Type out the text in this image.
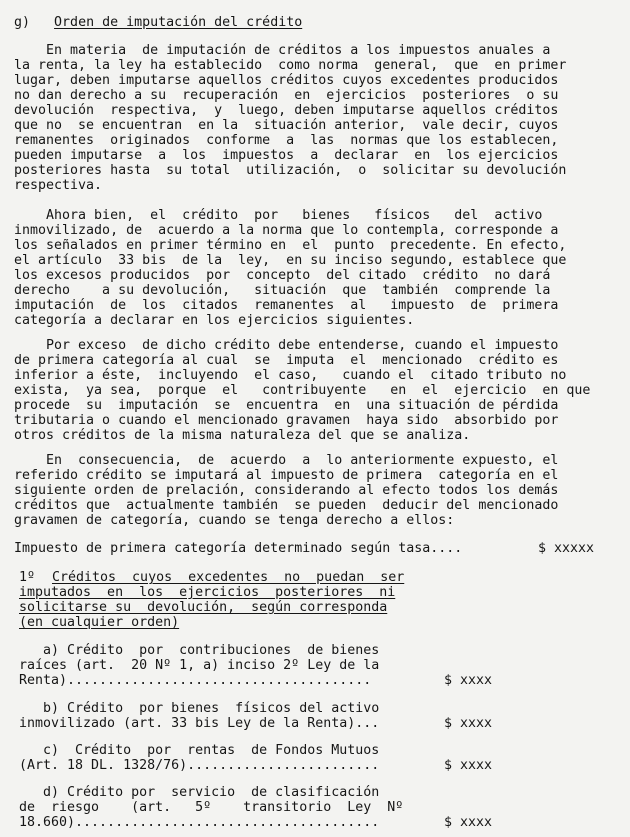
g) Orden de imputación del crédito
En materia  de imputación de créditos a los impuestos anuales a
la renta, la ley ha establecido  como norma  general,  que  en primer
lugar, deben imputarse aquellos créditos cuyos excedentes producidos
no dan derecho a su  recuperación  en  ejercicios  posteriores  o su
devolución  respectiva,  y  luego, deben imputarse aquellos créditos
que no  se encuentran  en la  situación anterior,  vale decir, cuyos
remanentes  originados  conforme  a  las  normas que los establecen,
pueden imputarse  a  los  impuestos  a  declarar  en  los ejercicios
posteriores hasta  su total  utilización,  o  solicitar su devolución
respectiva.
Ahora bien,  el  crédito  por   bienes   físicos   del  activo
inmovilizado, de  acuerdo a la norma que lo contempla, corresponde a
los señalados en primer término en  el  punto  precedente. En efecto,
el artículo  33 bis  de la  ley,  en su inciso segundo, establece que
los excesos producidos  por  concepto  del citado  crédito  no dará
derecho    a su devolución,   situación  que  también  comprende la
imputación  de  los  citados  remanentes  al   impuesto  de  primera
categoría a declarar en los ejercicios siguientes.
Por exceso  de dicho crédito debe entenderse, cuando el impuesto
de primera categoría al cual  se  imputa  el  mencionado  crédito es
inferior a éste,  incluyendo  el caso,   cuando el  citado tributo no
exista,  ya sea,  porque  el   contribuyente   en  el  ejercicio  en que
procede  su  imputación  se  encuentra  en  una situación de pérdida
tributaria o cuando el mencionado gravamen  haya sido  absorbido por
otros créditos de la misma naturaleza del que se analiza.
En  consecuencia,  de  acuerdo  a  lo anteriormente expuesto, el
referido crédito se imputará al impuesto de primera  categoría en el
siguiente orden de prelación, considerando al efecto todos los demás
créditos que  actualmente también  se pueden  deducir del mencionado
gravamen de categoría, cuando se tenga derecho a ellos:
Impuesto de primera categoría determinado según tasa....	$ xxxxx
1º Créditos  cuyos  excedentes  no  puedan  ser
imputados  en  los  ejercicios  posteriores  ni
solicitarse su  devolución,  según corresponda
(en cualquier orden)
a) Crédito  por  contribuciones  de bienes
raíces (art.  20 Nº 1, a) inciso 2º Ley de la
Renta)......................................	$ xxxx
b) Crédito  por bienes  físicos del activo
inmovilizado (art. 33 bis Ley de la Renta)...	$ xxxx
c)  Crédito  por  rentas  de Fondos Mutuos
(Art. 18 DL. 1328/76)........................	$ xxxx
d) Crédito por  servicio  de clasificación
de  riesgo    (art.   5º    transitorio  Ley  Nº
18.660)......................................	$ xxxx
